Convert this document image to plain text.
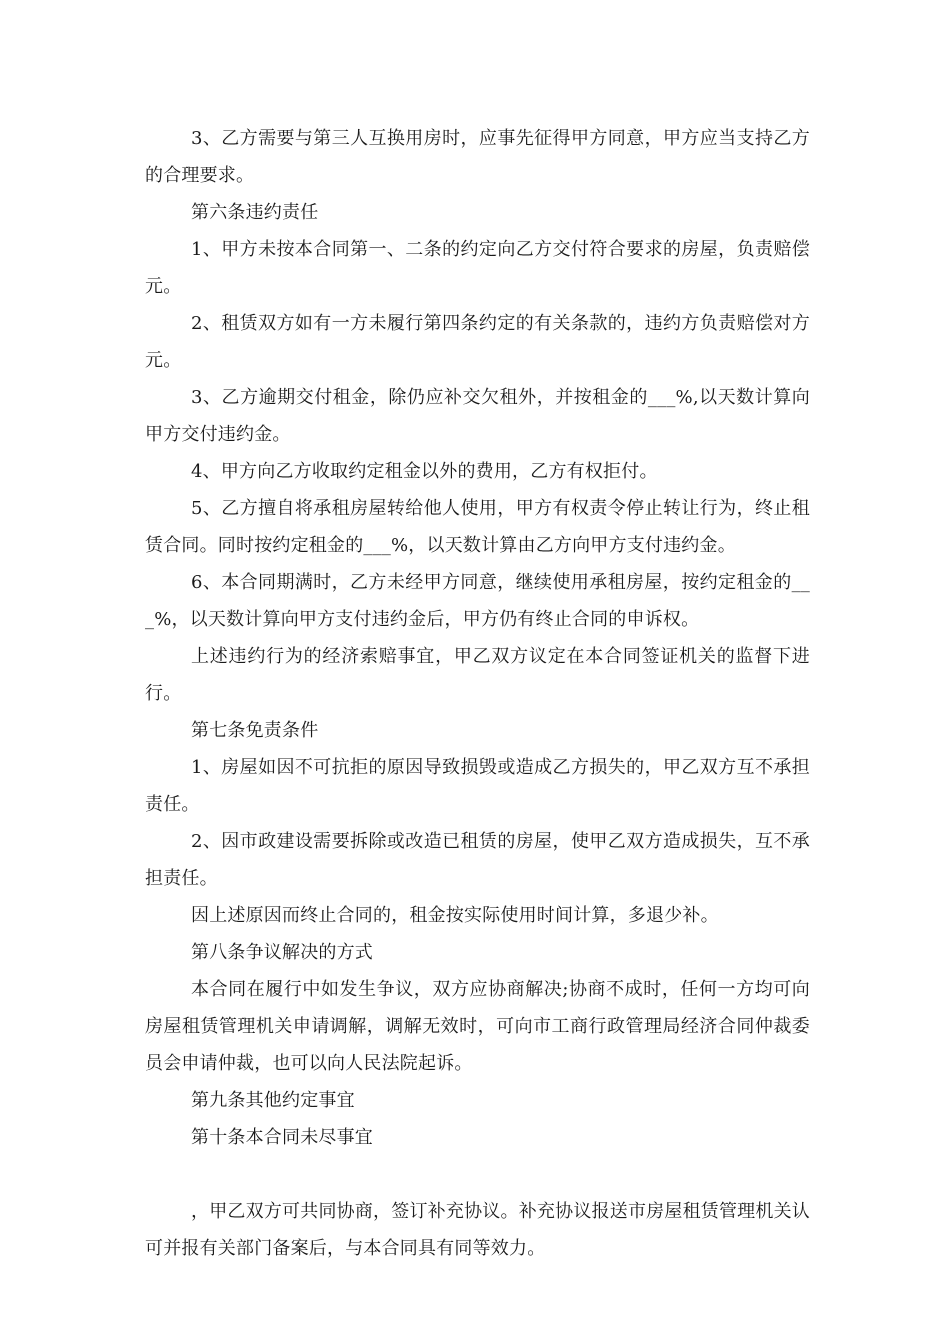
3、乙方需要与第三人互换用房时，应事先征得甲方同意，甲方应当支持乙方的合理要求。

第六条违约责任

1、甲方未按本合同第一、二条的约定向乙方交付符合要求的房屋，负责赔偿元。

2、租赁双方如有一方未履行第四条约定的有关条款的，违约方负责赔偿对方元。

3、乙方逾期交付租金，除仍应补交欠租外，并按租金的___%,以天数计算向甲方交付违约金。

4、甲方向乙方收取约定租金以外的费用，乙方有权拒付。

5、乙方擅自将承租房屋转给他人使用，甲方有权责令停止转让行为，终止租赁合同。同时按约定租金的___%，以天数计算由乙方向甲方支付违约金。

6、本合同期满时，乙方未经甲方同意，继续使用承租房屋，按约定租金的___%，以天数计算向甲方支付违约金后，甲方仍有终止合同的申诉权。

上述违约行为的经济索赔事宜，甲乙双方议定在本合同签证机关的监督下进行。

第七条免责条件

1、房屋如因不可抗拒的原因导致损毁或造成乙方损失的，甲乙双方互不承担责任。

2、因市政建设需要拆除或改造已租赁的房屋，使甲乙双方造成损失，互不承担责任。

因上述原因而终止合同的，租金按实际使用时间计算，多退少补。

第八条争议解决的方式

本合同在履行中如发生争议，双方应协商解决;协商不成时，任何一方均可向房屋租赁管理机关申请调解，调解无效时，可向市工商行政管理局经济合同仲裁委员会申请仲裁，也可以向人民法院起诉。

第九条其他约定事宜

第十条本合同未尽事宜

，甲乙双方可共同协商，签订补充协议。补充协议报送市房屋租赁管理机关认可并报有关部门备案后，与本合同具有同等效力。
